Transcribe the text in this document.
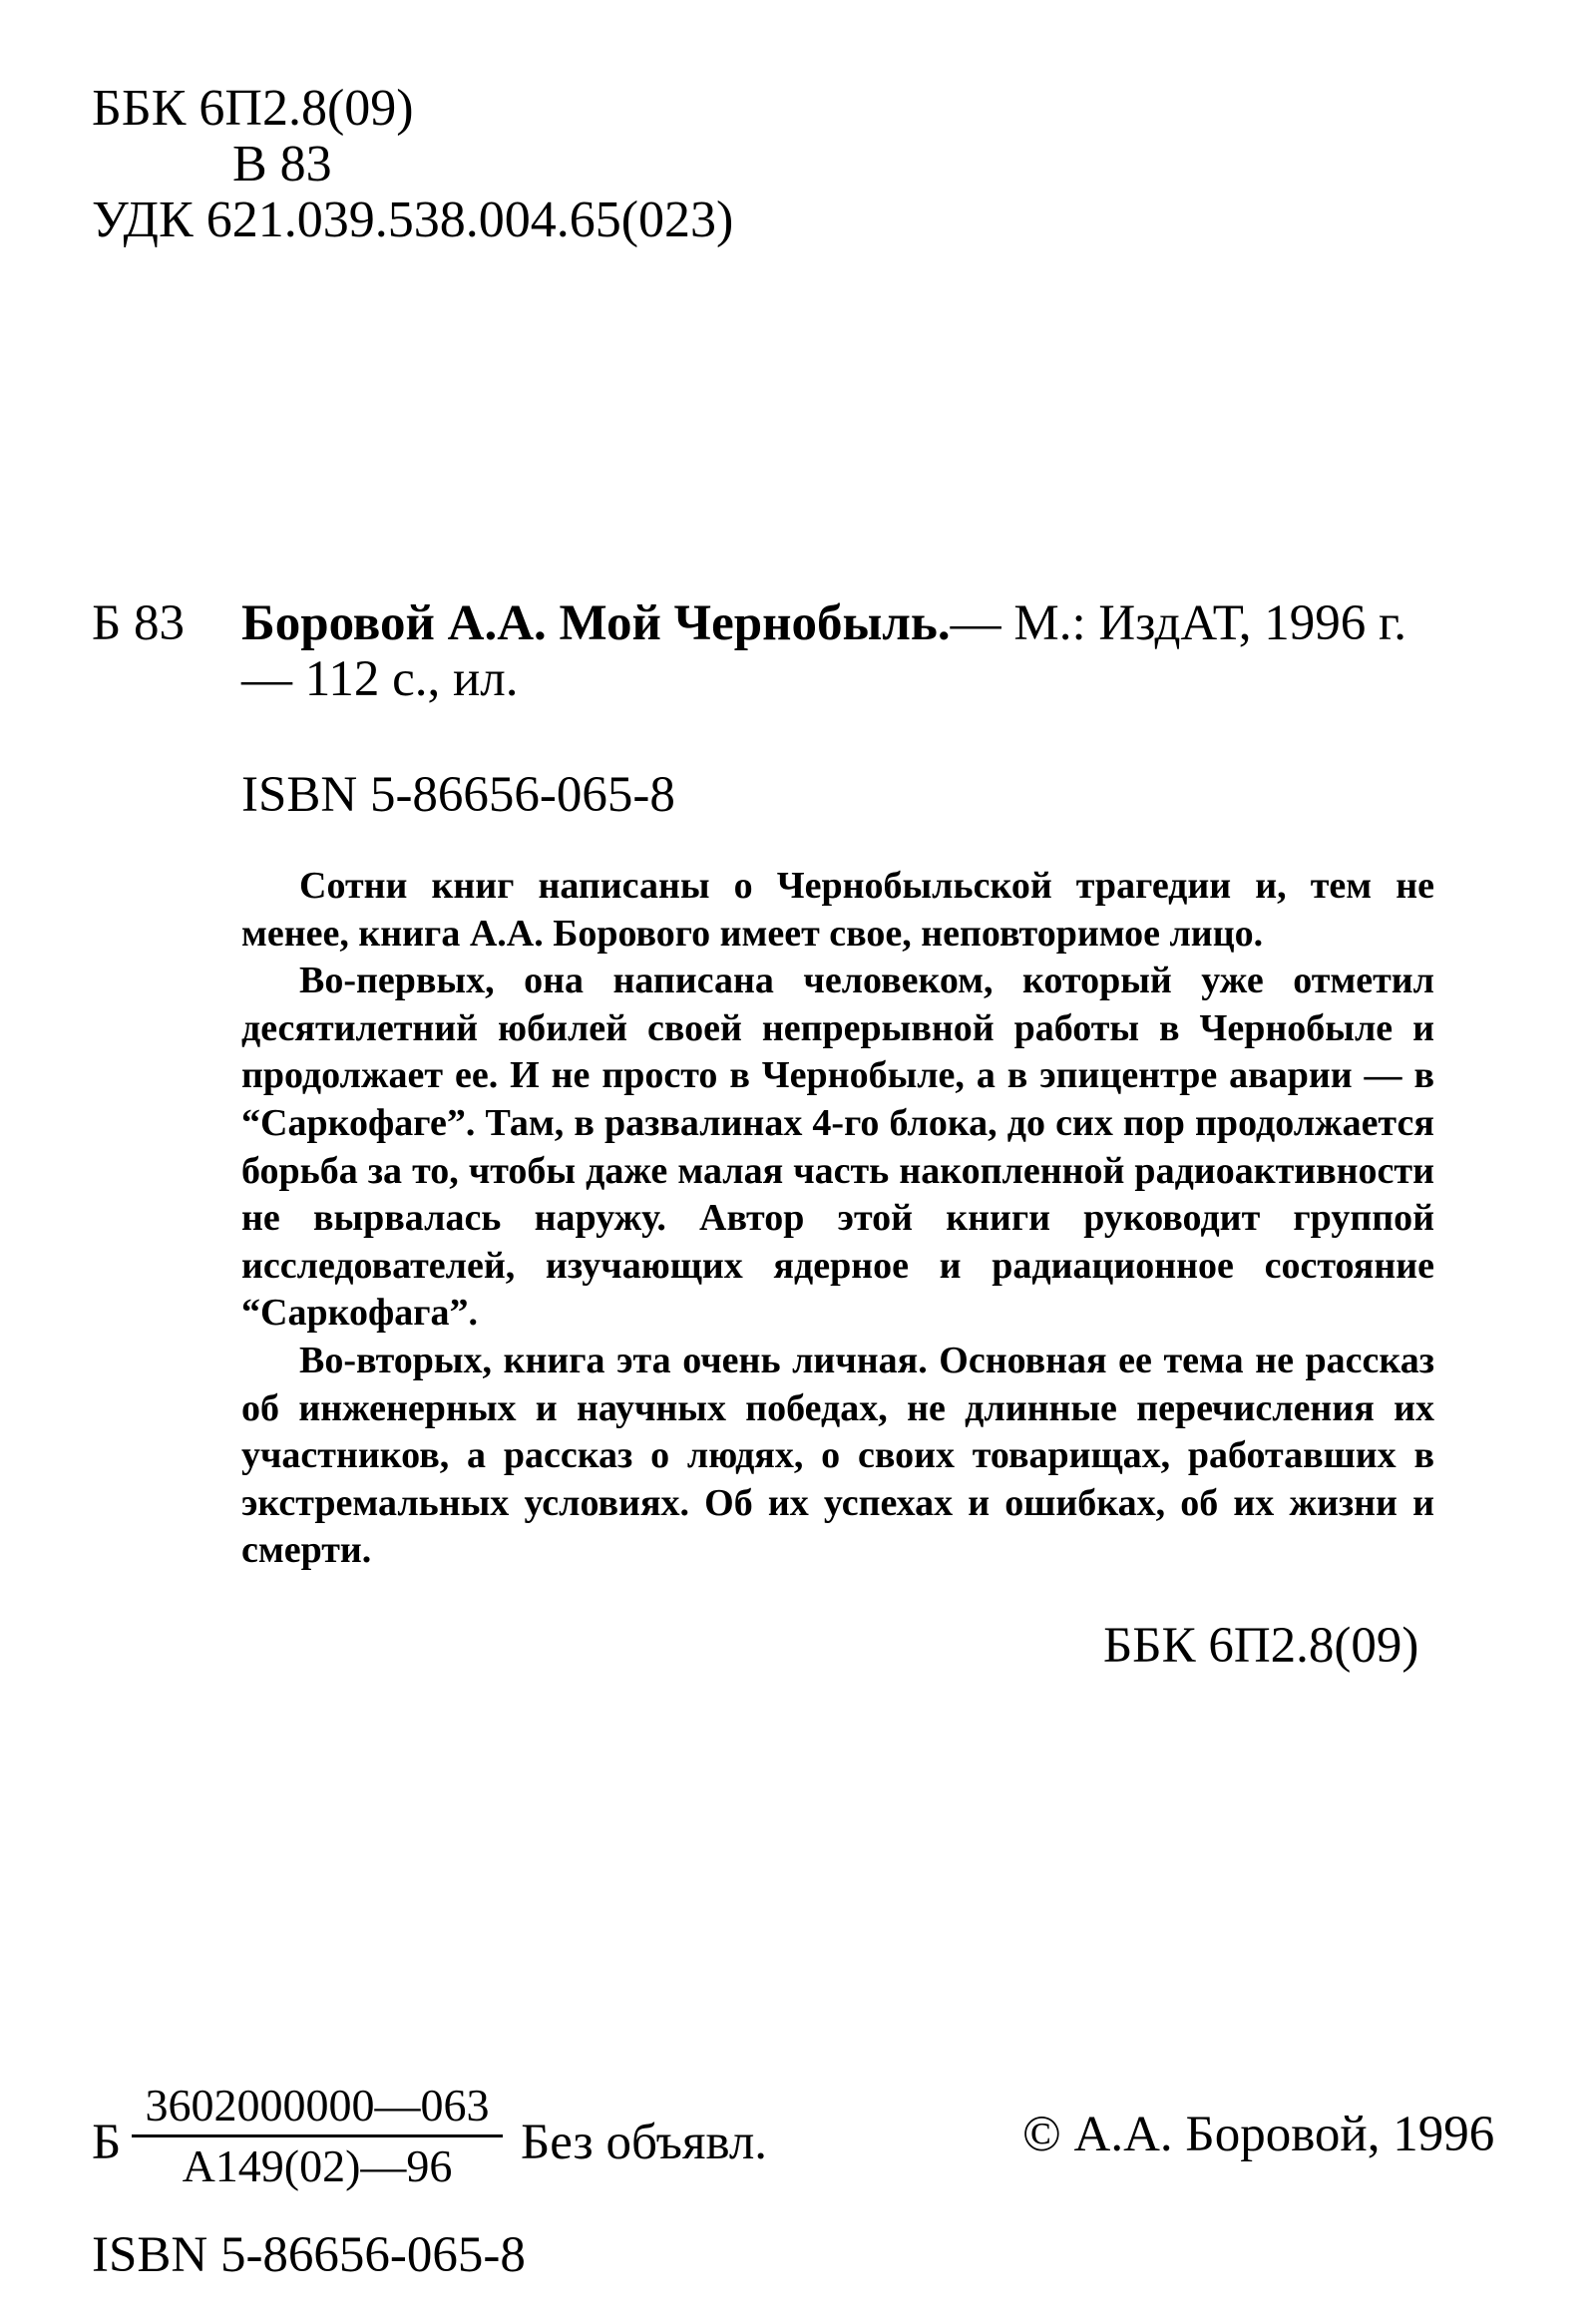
ББК 6П2.8(09)
В 83
УДК 621.039.538.004.65(023)
Б 83 Боровой А.А. Мой Чернобыль.— М.: ИздАТ, 1996 г.
— 112 с., ил.
ISBN 5-86656-065-8

Сотни книг написаны о Чернобыльской трагедии и, тем не менее, книга А.А. Борового имеет свое, неповторимое лицо.

Во-первых, она написана человеком, который уже отметил десятилетний юбилей своей непрерывной работы в Чернобыле и продолжает ее. И не просто в Чернобыле, а в эпицентре аварии — в “Саркофаге”. Там, в развалинах 4-го блока, до сих пор продолжается борьба за то, чтобы даже малая часть накопленной радиоактивности не вырвалась наружу. Автор этой книги руководит группой исследователей, изучающих ядерное и радиационное состояние “Саркофага”.

Во-вторых, книга эта очень личная. Основная ее тема не рассказ об инженерных и научных победах, не длинные перечисления их участников, а рассказ о людях, о своих товарищах, работавших в экстремальных условиях. Об их успехах и ошибках, об их жизни и смерти.

ББК 6П2.8(09)
Б
3602000000—063
А149(02)—96	Без объявл.	© А.А. Боровой, 1996
ISBN 5-86656-065-8
